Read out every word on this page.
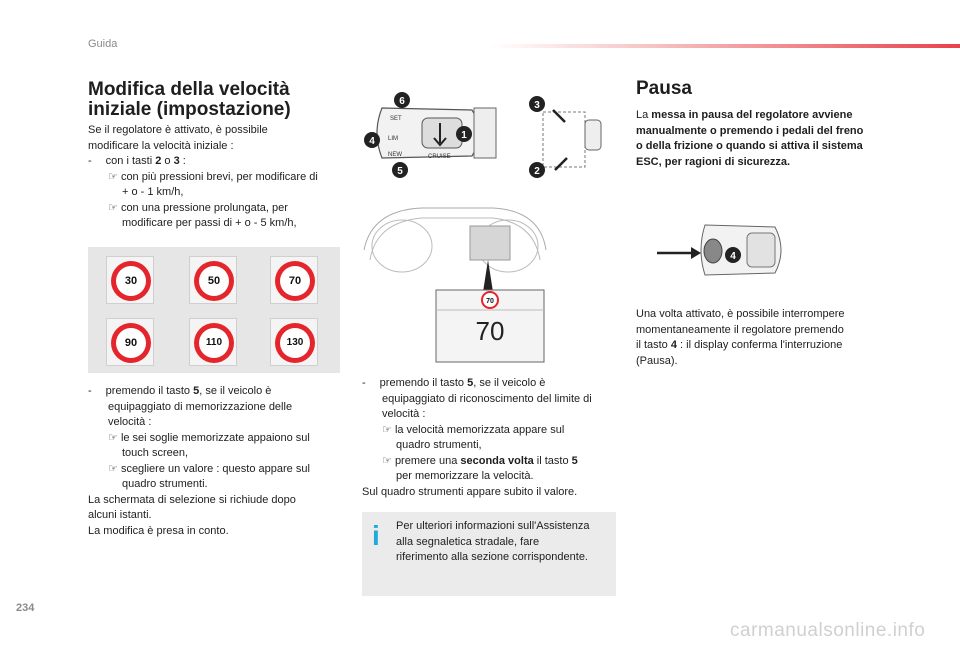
Guida
Modifica della velocità
iniziale (impostazione)
Se il regolatore è attivato, è possibile
modificare la velocità iniziale :
- con i tasti 2 o 3 :
☞ con più pressioni brevi, per modificare di
+ o - 1 km/h,
☞ con una pressione prolungata, per
modificare per passi di + o - 5 km/h,
30	50	70
90	110	130
- premendo il tasto 5, se il veicolo è
equipaggiato di memorizzazione delle
velocità :
☞ le sei soglie memorizzate appaiono sul
touch screen,
☞ scegliere un valore : questo appare sul
quadro strumenti.
La schermata di selezione si richiude dopo
alcuni istanti.
La modifica è presa in conto.
SET
LIM
NEW	CRUISE
6
4
5
1
3
2
70
70
- premendo il tasto 5, se il veicolo è
equipaggiato di riconoscimento del limite di
velocità :
☞ la velocità memorizzata appare sul
quadro strumenti,
☞ premere una seconda volta il tasto 5
per memorizzare la velocità.
Sul quadro strumenti appare subito il valore.
i Per ulteriori informazioni sull'Assistenza
alla segnaletica stradale, fare
riferimento alla sezione corrispondente.
Pausa
La messa in pausa del regolatore avviene
manualmente o premendo i pedali del freno
o della frizione o quando si attiva il sistema
ESC, per ragioni di sicurezza.
4
Una volta attivato, è possibile interrompere
momentaneamente il regolatore premendo
il tasto 4 : il display conferma l'interruzione
(Pausa).
234
carmanualsonline.info
